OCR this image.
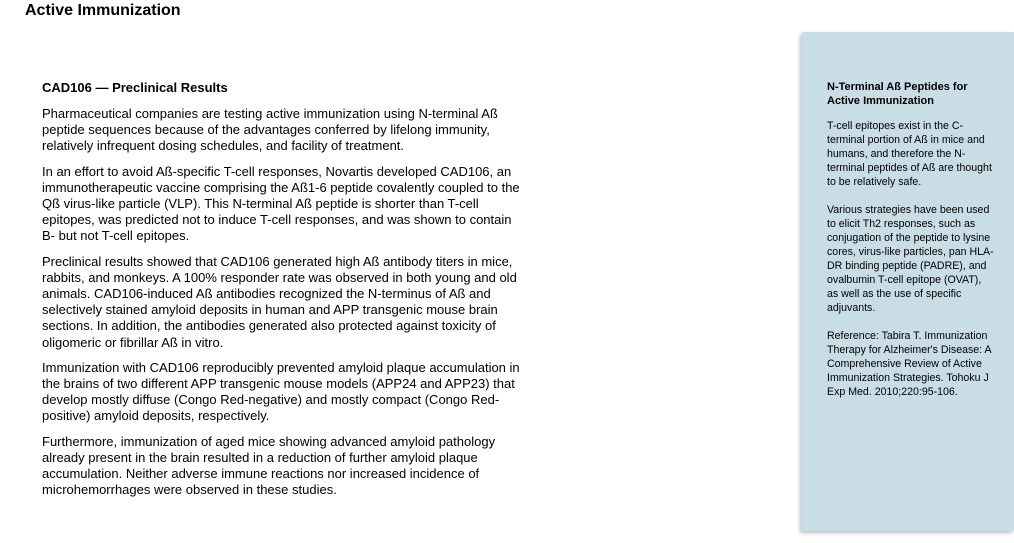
Active Immunization
CAD106 — Preclinical Results

Pharmaceutical companies are testing active immunization using N-terminal Aß peptide sequences because of the advantages conferred by lifelong immunity, relatively infrequent dosing schedules, and facility of treatment.

In an effort to avoid Aß-specific T-cell responses, Novartis developed CAD106, an immunotherapeutic vaccine comprising the Aß1-6 peptide covalently coupled to the Qß virus-like particle (VLP). This N-terminal Aß peptide is shorter than T-cell epitopes, was predicted not to induce T-cell responses, and was shown to contain B- but not T-cell epitopes.

Preclinical results showed that CAD106 generated high Aß antibody titers in mice, rabbits, and monkeys. A 100% responder rate was observed in both young and old animals. CAD106-induced Aß antibodies recognized the N-terminus of Aß and selectively stained amyloid deposits in human and APP transgenic mouse brain sections. In addition, the antibodies generated also protected against toxicity of oligomeric or fibrillar Aß in vitro.

Immunization with CAD106 reproducibly prevented amyloid plaque accumulation in the brains of two different APP transgenic mouse models (APP24 and APP23) that develop mostly diffuse (Congo Red-negative) and mostly compact (Congo Red-positive) amyloid deposits, respectively.

Furthermore, immunization of aged mice showing advanced amyloid pathology already present in the brain resulted in a reduction of further amyloid plaque accumulation. Neither adverse immune reactions nor increased incidence of microhemorrhages were observed in these studies.

N-Terminal Aß Peptides for Active Immunization

T-cell epitopes exist in the C-terminal portion of Aß in mice and humans, and therefore the N-terminal peptides of Aß are thought to be relatively safe.

Various strategies have been used to elicit Th2 responses, such as conjugation of the peptide to lysine cores, virus-like particles, pan HLA-DR binding peptide (PADRE), and ovalbumin T-cell epitope (OVAT), as well as the use of specific adjuvants.

Reference: Tabira T. Immunization Therapy for Alzheimer's Disease: A Comprehensive Review of Active Immunization Strategies. Tohoku J Exp Med. 2010;220:95-106.
